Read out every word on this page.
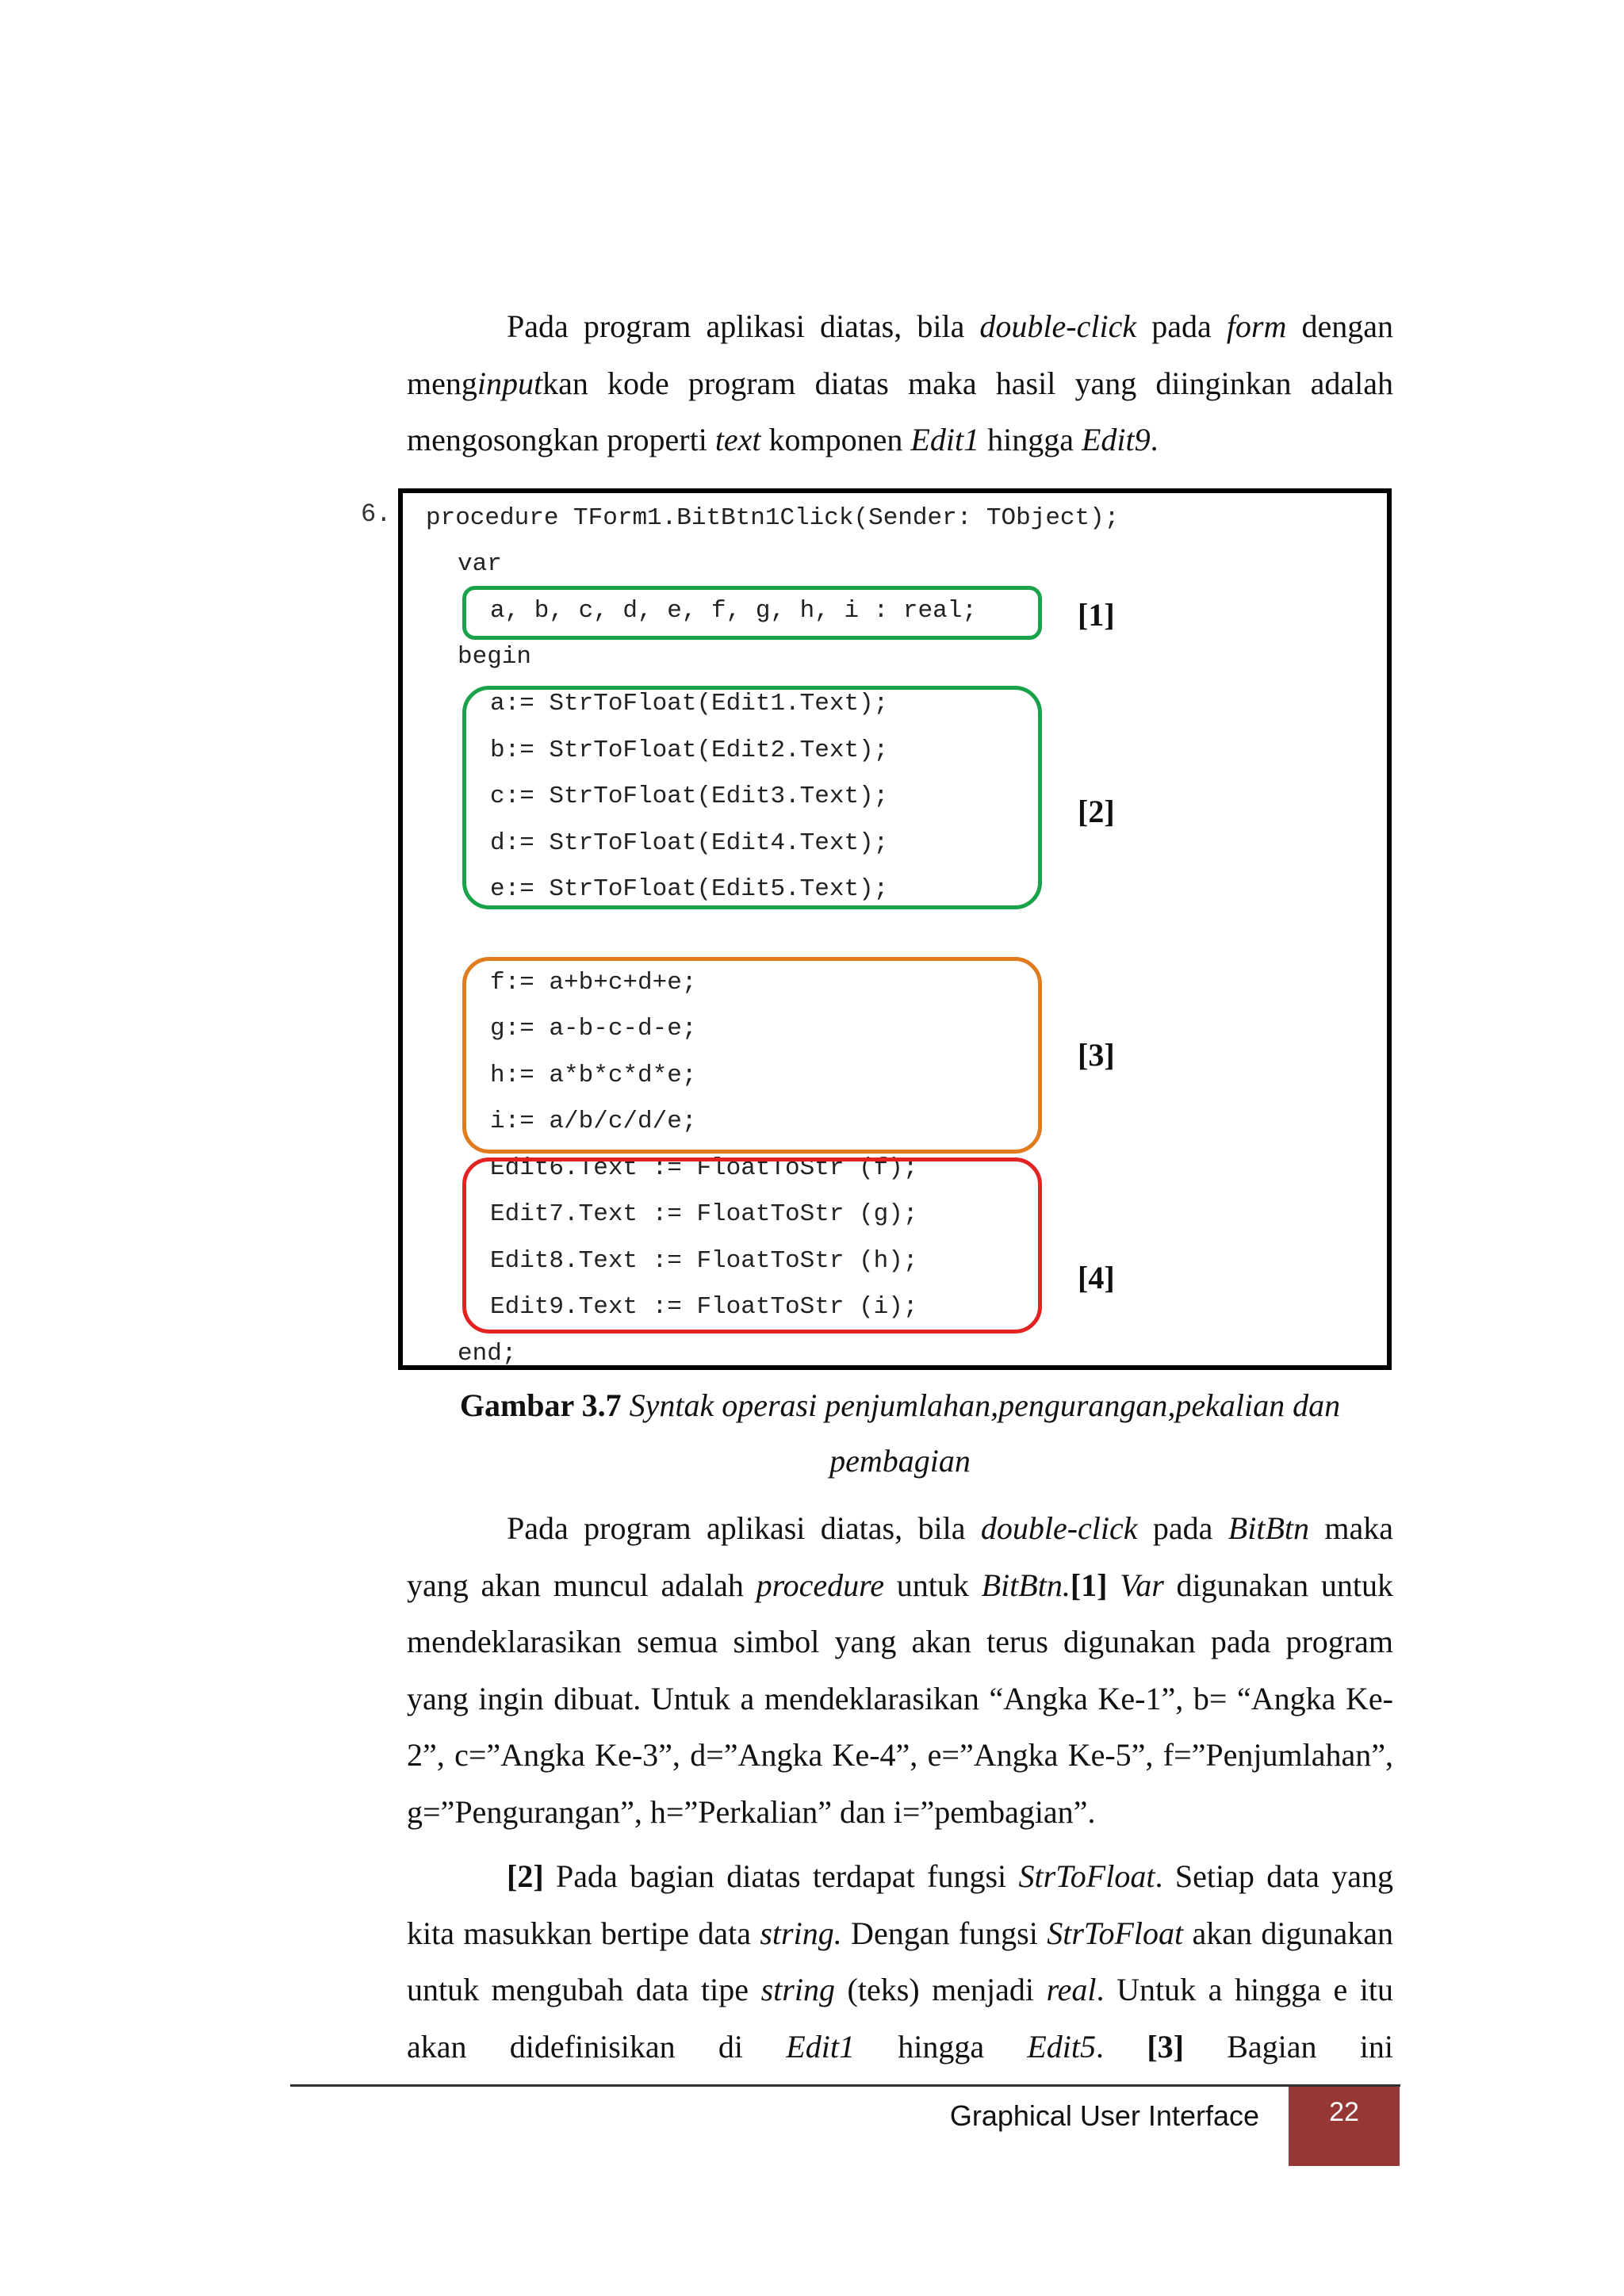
Pada program aplikasi diatas, bila double-click pada form dengan menginputkan kode program diatas maka hasil yang diinginkan adalah mengosongkan properti text komponen Edit1 hingga Edit9.

6. procedure TForm1.BitBtn1Click(Sender: TObject);
var
a, b, c, d, e, f, g, h, i : real;
begin
a:= StrToFloat(Edit1.Text);
b:= StrToFloat(Edit2.Text);
c:= StrToFloat(Edit3.Text);
d:= StrToFloat(Edit4.Text);
e:= StrToFloat(Edit5.Text);
f:= a+b+c+d+e;
g:= a-b-c-d-e;
h:= a*b*c*d*e;
i:= a/b/c/d/e;
Edit6.Text := FloatToStr (f);
Edit7.Text := FloatToStr (g);
Edit8.Text := FloatToStr (h);
Edit9.Text := FloatToStr (i);
end;
[1]
[2]
[3]
[4]
Gambar 3.7 Syntak operasi penjumlahan,pengurangan,pekalian dan
pembagian

Pada program aplikasi diatas, bila double-click pada BitBtn maka yang akan muncul adalah procedure untuk BitBtn.[1] Var digunakan untuk mendeklarasikan semua simbol yang akan terus digunakan pada program yang ingin dibuat. Untuk a mendeklarasikan “Angka Ke-1”, b= “Angka Ke-2”, c=”Angka Ke-3”, d=”Angka Ke-4”, e=”Angka Ke-5”, f=”Penjumlahan”, g=”Pengurangan”, h=”Perkalian” dan i=”pembagian”.

[2] Pada bagian diatas terdapat fungsi StrToFloat. Setiap data yang kita masukkan bertipe data string. Dengan fungsi StrToFloat akan digunakan untuk mengubah data tipe string (teks) menjadi real. Untuk a hingga e itu akan didefinisikan di Edit1 hingga Edit5. [3] Bagian ini

Graphical User Interface	22
